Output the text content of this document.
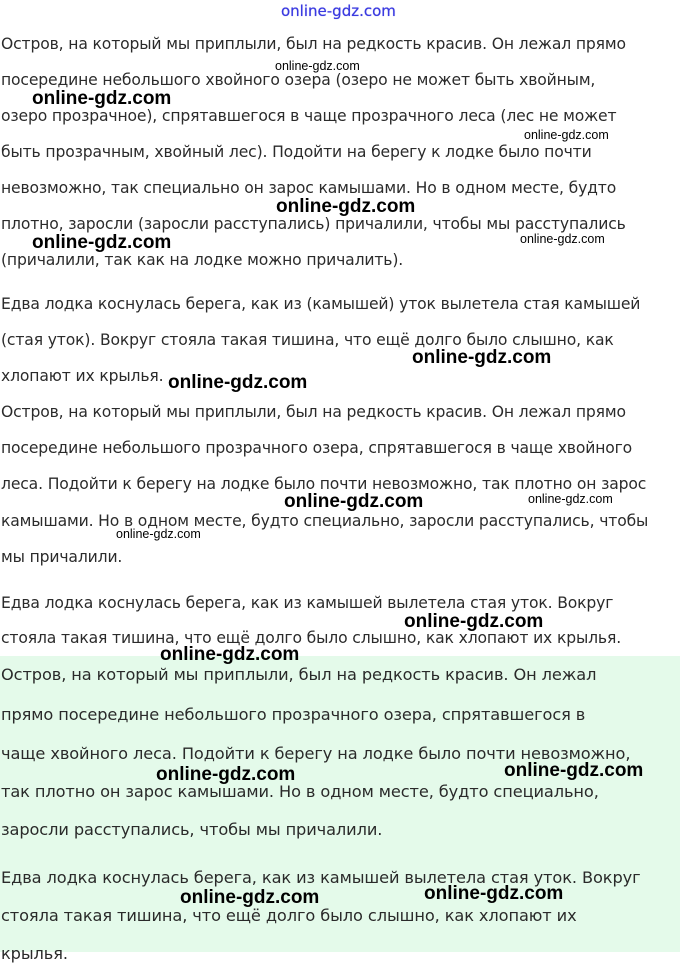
Остров, на который мы приплыли, был на редкость красив. Он лежал прямо
посередине небольшого хвойного озера (озеро не может быть хвойным,
озеро прозрачное), спрятавшегося в чаще прозрачного леса (лес не может
быть прозрачным, хвойный лес). Подойти на берегу к лодке было почти
невозможно, так специально он зарос камышами. Но в одном месте, будто
плотно, заросли (заросли расступались) причалили, чтобы мы расступались
(причалили, так как на лодке можно причалить).
Едва лодка коснулась берега, как из (камышей) уток вылетела стая камышей
(стая уток). Вокруг стояла такая тишина, что ещё долго было слышно, как
хлопают их крылья.
Остров, на который мы приплыли, был на редкость красив. Он лежал прямо
посередине небольшого прозрачного озера, спрятавшегося в чаще хвойного
леса. Подойти к берегу на лодке было почти невозможно, так плотно он зарос
камышами. Но в одном месте, будто специально, заросли расступались, чтобы
мы причалили.
Едва лодка коснулась берега, как из камышей вылетела стая уток. Вокруг
стояла такая тишина, что ещё долго было слышно, как хлопают их крылья.
Остров, на который мы приплыли, был на редкость красив. Он лежал
прямо посередине небольшого прозрачного озера, спрятавшегося в
чаще хвойного леса. Подойти к берегу на лодке было почти невозможно,
так плотно он зарос камышами. Но в одном месте, будто специально,
заросли расступались, чтобы мы причалили.
Едва лодка коснулась берега, как из камышей вылетела стая уток. Вокруг
стояла такая тишина, что ещё долго было слышно, как хлопают их
крылья.
online-gdz.com
online-gdz.com
online-gdz.com
online-gdz.com
online-gdz.com
online-gdz.com	online-gdz.com
online-gdz.com
online-gdz.com
online-gdz.com	online-gdz.com
online-gdz.com
online-gdz.com
online-gdz.com
online-gdz.com
online-gdz.com
online-gdz.com
online-gdz.com
